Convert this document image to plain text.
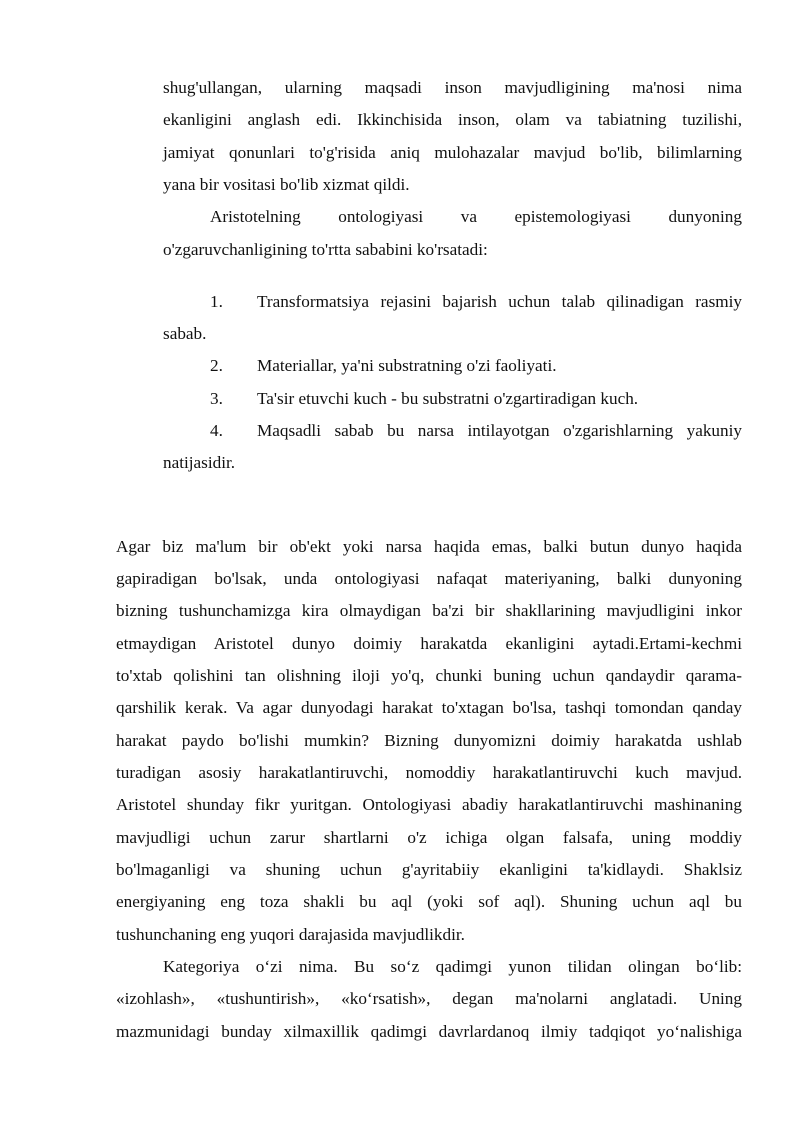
shug'ullangan, ularning maqsadi inson mavjudligining ma'nosi nima
ekanligini anglash edi. Ikkinchisida inson, olam va tabiatning tuzilishi,
jamiyat qonunlari to'g'risida aniq mulohazalar mavjud bo'lib, bilimlarning
yana bir vositasi bo'lib xizmat qildi.
Aristotelning ontologiyasi va epistemologiyasi dunyoning
o'zgaruvchanligining to'rtta sababini ko'rsatadi:
1. Transformatsiya rejasini bajarish uchun talab qilinadigan rasmiy
sabab.
2. Materiallar, ya'ni substratning o'zi faoliyati.
3. Ta'sir etuvchi kuch - bu substratni o'zgartiradigan kuch.
4. Maqsadli sabab bu narsa intilayotgan o'zgarishlarning yakuniy
natijasidir.
Agar biz ma'lum bir ob'ekt yoki narsa haqida emas, balki butun dunyo haqida
gapiradigan bo'lsak, unda ontologiyasi nafaqat materiyaning, balki dunyoning
bizning tushunchamizga kira olmaydigan ba'zi bir shakllarining mavjudligini inkor
etmaydigan Aristotel dunyo doimiy harakatda ekanligini aytadi.Ertami-kechmi
to'xtab qolishini tan olishning iloji yo'q, chunki buning uchun qandaydir qarama-
qarshilik kerak. Va agar dunyodagi harakat to'xtagan bo'lsa, tashqi tomondan qanday
harakat paydo bo'lishi mumkin? Bizning dunyomizni doimiy harakatda ushlab
turadigan asosiy harakatlantiruvchi, nomoddiy harakatlantiruvchi kuch mavjud.
Aristotel shunday fikr yuritgan. Ontologiyasi abadiy harakatlantiruvchi mashinaning
mavjudligi uchun zarur shartlarni o'z ichiga olgan falsafa, uning moddiy
bo'lmaganligi va shuning uchun g'ayritabiiy ekanligini ta'kidlaydi. Shaklsiz
energiyaning eng toza shakli bu aql (yoki sof aql). Shuning uchun aql bu
tushunchaning eng yuqori darajasida mavjudlikdir.
Kategoriya oʻzi nima. Bu soʻz qadimgi yunon tilidan olingan boʻlib:
«izohlash», «tushuntirish», «koʻrsatish», degan ma'nolarni anglatadi. Uning
mazmunidagi bunday xilmaxillik qadimgi davrlardanoq ilmiy tadqiqot yoʻnalishiga
